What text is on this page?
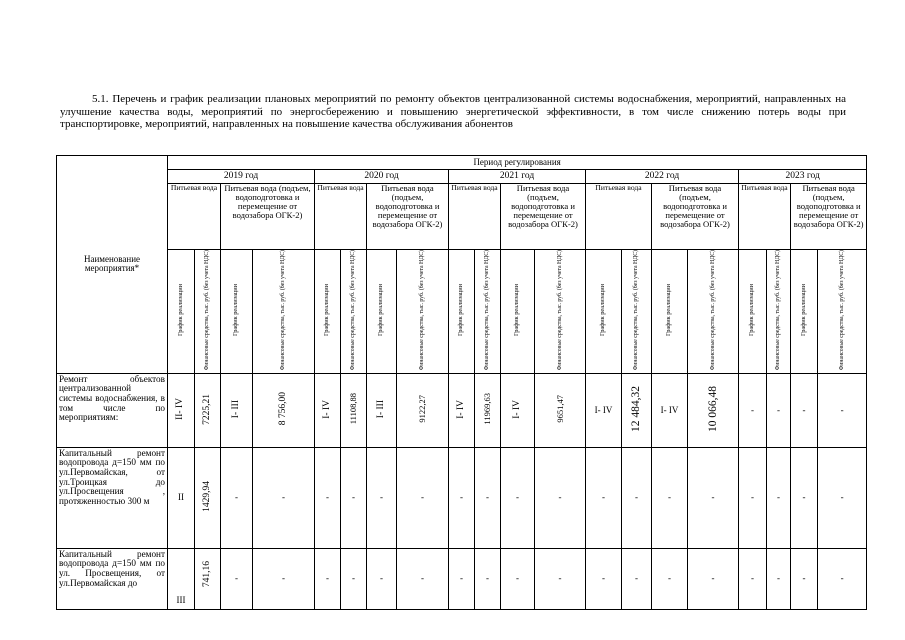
5.1. Перечень и график реализации плановых мероприятий по ремонту объектов централизованной системы водоснабжения, мероприятий, направленных на улучшение качества воды, мероприятий по энергосбережению и повышению энергетической эффективности, в том числе снижению потерь воды при транспортировке, мероприятий, направленных на повышение качества обслуживания абонентов
Наименование мероприятия*	Период регулирования																			
	2019 год				2020 год				2021 год				2022 год				2023 год			
	Питьевая вода		Питьевая вода (подъем, водоподготовка и перемещение от водозабора ОГК-2)		Питьевая вода		Питьевая вода (подъем, водоподготовка и перемещение от водозабора ОГК-2)		Питьевая вода		Питьевая вода (подъем, водоподготовка и перемещение от водозабора ОГК-2)		Питьевая вода		Питьевая вода (подъем, водоподготовка и перемещение от водозабора ОГК-2)		Питьевая вода		Питьевая вода (подъем, водоподготовка и перемещение от водозабора ОГК-2)	
	График реализации	Финансовые средства, тыс. руб. (без учета НДС)	График реализации	Финансовые средства, тыс. руб. (без учета НДС)	График реализации	Финансовые средства, тыс. руб. (без учета НДС)	График реализации	Финансовые средства, тыс. руб. (без учета НДС)	График реализации	Финансовые средства, тыс. руб. (без учета НДС)	График реализации	Финансовые средства, тыс. руб. (без учета НДС)	График реализации	Финансовые средства, тыс. руб. (без учета НДС)	График реализации	Финансовые средства, тыс. руб. (без учета НДС)	График реализации	Финансовые средства, тыс. руб. (без учета НДС)	График реализации	Финансовые средства, тыс. руб. (без учета НДС)
Ремонт объектов централизованной системы водоснабжения, в том числе по мероприятиям:	II- IV	7225,21	I- III	8 756,00	I- IV	11108,88	I- III	9122,27	I- IV	11969,63	I- IV	9651,47	I- IV	12 484,32	I- IV	10 066,48	-	-	-	-
Капитальный ремонт водопровода д=150 мм по ул.Первомайская, от ул.Троицкая до ул.Просвещения , протяженностью 300 м	II	1429,94	-	-	-	-	-	-	-	-	-	-	-	-	-	-	-	-	-	-
Капитальный ремонт водопровода д=150 мм по ул. Просвещения, от ул.Первомайская до	III	741,16	-	-	-	-	-	-	-	-	-	-	-	-	-	-	-	-	-	-
